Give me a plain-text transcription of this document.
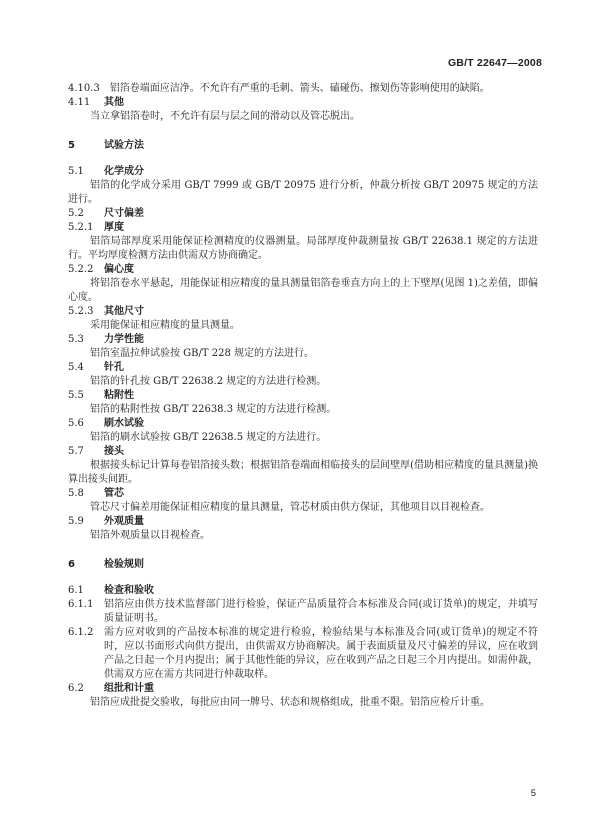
GB/T 22647—2008
4.10.3 铝箔卷端面应洁净。不允许有严重的毛刺、箭头、磕碰伤、擦划伤等影响使用的缺陷。
4.11	其他

当立拿铝箔卷时，不允许有层与层之间的滑动以及管芯脱出。

5	试验方法
5.1	化学成分

铝箔的化学成分采用 GB/T 7999 或 GB/T 20975 进行分析，仲裁分析按 GB/T 20975 规定的方法进行。

5.2	尺寸偏差
5.2.1 厚度

铝箔局部厚度采用能保证检测精度的仪器测量。局部厚度仲裁测量按 GB/T 22638.1 规定的方法进行。平均厚度检测方法由供需双方协商确定。

5.2.2 偏心度

将铝箔卷水平悬起，用能保证相应精度的量具测量铝箔卷垂直方向上的上下壁厚(见图 1)之差值，即偏心度。

5.2.3 其他尺寸

采用能保证相应精度的量具测量。

5.3	力学性能

铝箔室温拉伸试验按 GB/T 228 规定的方法进行。

5.4	针孔

铝箔的针孔按 GB/T 22638.2 规定的方法进行检测。

5.5	粘附性

铝箔的粘附性按 GB/T 22638.3 规定的方法进行检测。

5.6	刷水试验

铝箔的刷水试验按 GB/T 22638.5 规定的方法进行。

5.7	接头

根据接头标记计算每卷铝箔接头数；根据铝箔卷端面相临接头的层间壁厚(借助相应精度的量具测量)换算出接头间距。

5.8	管芯

管芯尺寸偏差用能保证相应精度的量具测量，管芯材质由供方保证，其他项目以目视检查。

5.9	外观质量

铝箔外观质量以目视检查。

6	检验规则
6.1	检查和验收
6.1.1 铝箔应由供方技术监督部门进行检验，保证产品质量符合本标准及合同(或订货单)的规定，并填写质量证明书。
6.1.2 需方应对收到的产品按本标准的规定进行检验，检验结果与本标准及合同(或订货单)的规定不符时，应以书面形式向供方提出，由供需双方协商解决。属于表面质量及尺寸偏差的异议，应在收到产品之日起一个月内提出；属于其他性能的异议，应在收到产品之日起三个月内提出。如需仲裁，供需双方应在需方共同进行仲裁取样。
6.2	组批和计重

铝箔应成批提交验收，每批应由同一牌号、状态和规格组成，批重不限。铝箔应检斤计重。

5
